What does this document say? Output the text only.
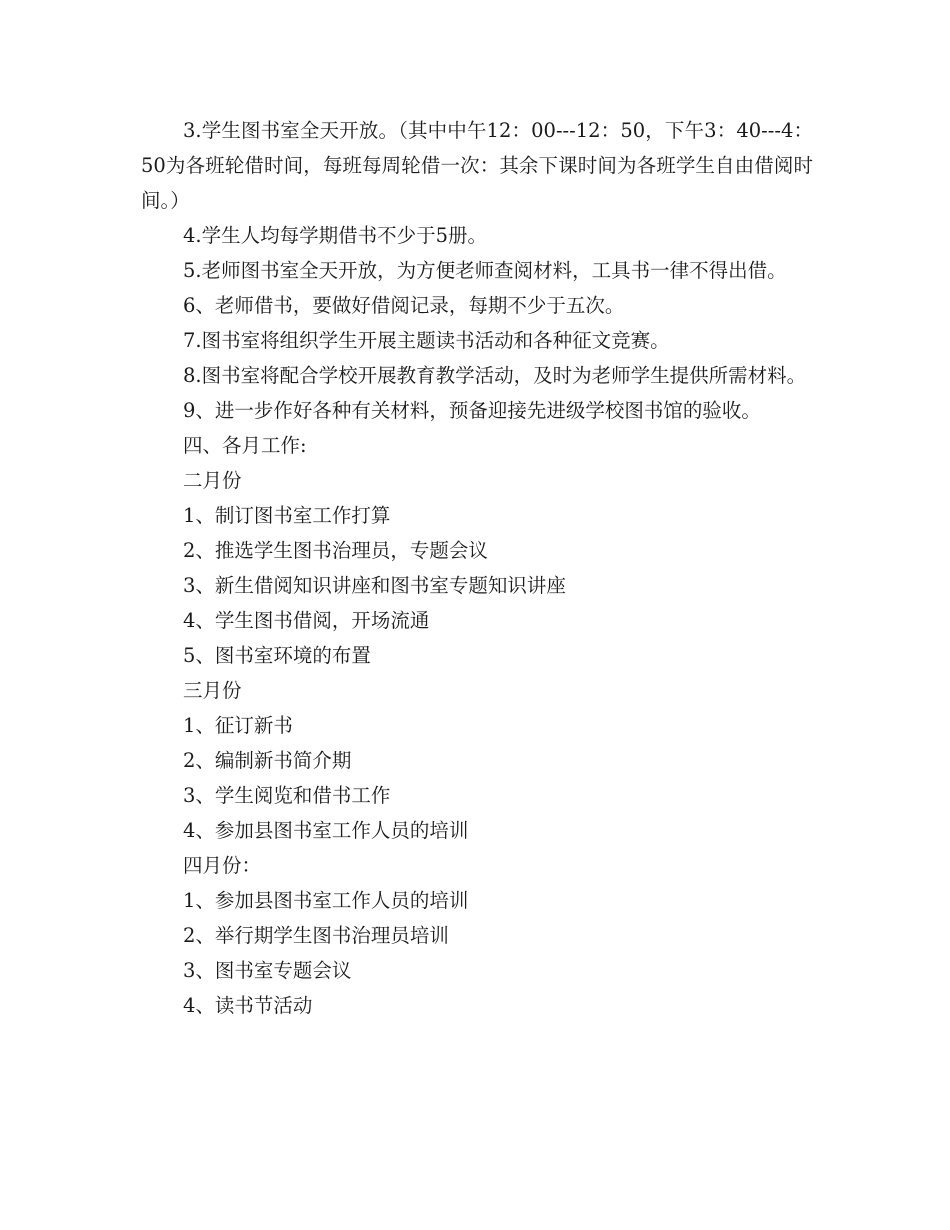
3.学生图书室全天开放。（其中中午12：00---12：50，下午3：40---4：50为各班轮借时间，每班每周轮借一次：其余下课时间为各班学生自由借阅时间。）

4.学生人均每学期借书不少于5册。

5.老师图书室全天开放，为方便老师查阅材料，工具书一律不得出借。

6、老师借书，要做好借阅记录，每期不少于五次。

7.图书室将组织学生开展主题读书活动和各种征文竞赛。

8.图书室将配合学校开展教育教学活动，及时为老师学生提供所需材料。

9、进一步作好各种有关材料，预备迎接先进级学校图书馆的验收。

四、各月工作:

二月份

1、制订图书室工作打算

2、推选学生图书治理员，专题会议

3、新生借阅知识讲座和图书室专题知识讲座

4、学生图书借阅，开场流通

5、图书室环境的布置

三月份

1、征订新书

2、编制新书简介期

3、学生阅览和借书工作

4、参加县图书室工作人员的培训

四月份：

1、参加县图书室工作人员的培训

2、举行期学生图书治理员培训

3、图书室专题会议

4、读书节活动
